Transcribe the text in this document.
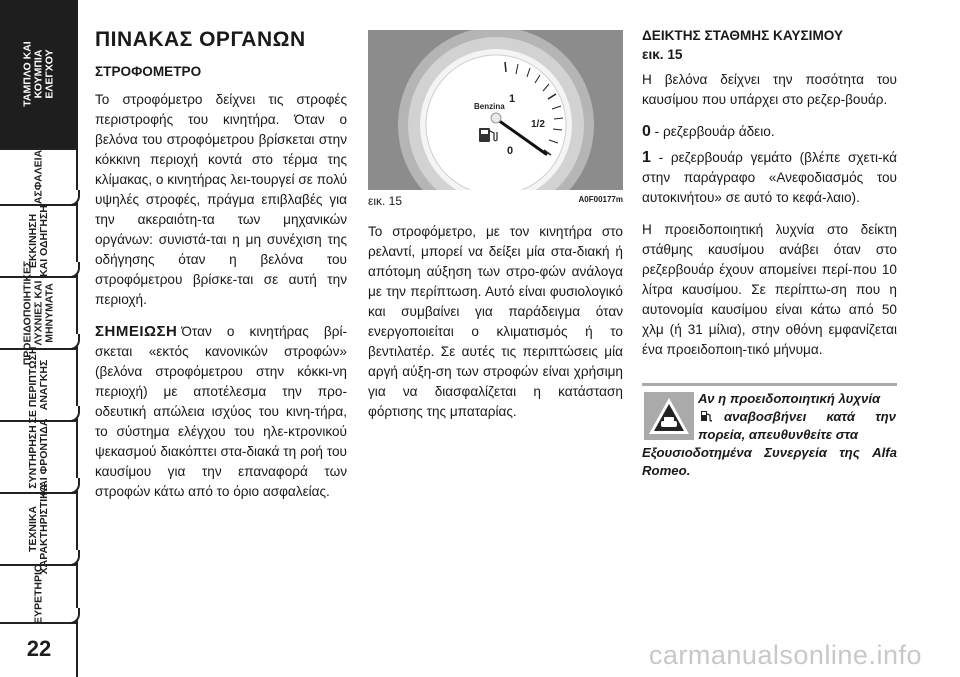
ΤΑΜΠΛΟ ΚΑΙ
ΚΟΥΜΠΙΑ
ΕΛΕΓΧΟΥ
ΑΣΦΑΛΕΙΑ
ΕΚΚΙΝΗΣΗ
ΚΑΙ ΟΔΗΓΗΣΗ
ΠΡΟΕΙΔΟΠΟΙΗΤΙΚΕΣ
ΛΥΧΝΙΕΣ ΚΑΙ
ΜΗΝΥΜΑΤΑ
ΣΕ ΠΕΡΙΠΤΩΣΗ
ΑΝΑΓΚΗΣ
ΣΥΝΤΗΡΗΣΗ
ΚΑΙ ΦΡΟΝΤΙΔΑ
ΤΕΧΝΙΚΑ
ΧΑΡΑΚΤΗΡΙΣΤΙΚΑ
ΕΥΡΕΤΗΡΙΟ
22
ΠΙΝΑΚΑΣ ΟΡΓΑΝΩΝ
ΣΤΡΟΦΟΜΕΤΡΟ

Το στροφόμετρο δείχνει τις στροφές περιστροφής του κινητήρα. Όταν ο βελόνα του στροφόμετρου βρίσκεται στην κόκκινη περιοχή κοντά στο τέρμα της κλίμακας, ο κινητήρας λει-τουργεί σε πολύ υψηλές στροφές, πράγμα επιβλαβές για την ακεραιότη-τα των μηχανικών οργάνων: συνιστά-ται η μη συνέχιση της οδήγησης όταν η βελόνα του στροφόμετρου βρίσκε-ται σε αυτή την περιοχή.

ΣΗΜΕΙΩΣΗ Όταν ο κινητήρας βρί-σκεται «εκτός κανονικών στροφών» (βελόνα στροφόμετρου στην κόκκι-νη περιοχή) με αποτέλεσμα την προ-οδευτική απώλεια ισχύος του κινη-τήρα, το σύστημα ελέγχου του ηλε-κτρονικού ψεκασμού διακόπτει στα-διακά τη ροή του καυσίμου για την επαναφορά των στροφών κάτω από το όριο ασφαλείας.

1
1/2
0
Benzina
εικ. 15	A0F00177m

Το στροφόμετρο, με τον κινητήρα στο ρελαντί, μπορεί να δείξει μία στα-διακή ή απότομη αύξηση των στρο-φών ανάλογα με την περίπτωση. Αυτό είναι φυσιολογικό και συμβαίνει για παράδειγμα όταν ενεργοποιείται ο κλιματισμός ή το βεντιλατέρ. Σε αυτές τις περιπτώσεις μία αργή αύξη-ση των στροφών είναι χρήσιμη για να διασφαλίζεται η κατάσταση φόρτισης της μπαταρίας.

ΔΕΙΚΤΗΣ ΣΤΑΘΜΗΣ ΚΑΥΣΙΜΟΥ
εικ. 15

Η βελόνα δείχνει την ποσότητα του καυσίμου που υπάρχει στο ρεζερ-βουάρ.

0 - ρεζερβουάρ άδειο.

1 - ρεζερβουάρ γεμάτο (βλέπε σχετι-κά στην παράγραφο «Ανεφοδιασμός του αυτοκινήτου» σε αυτό το κεφά-λαιο).

Η προειδοποιητική λυχνία στο δείκτη στάθμης καυσίμου ανάβει όταν στο ρεζερβουάρ έχουν απομείνει περί-που 10 λίτρα καυσίμου. Σε περίπτω-ση που η αυτονομία καυσίμου είναι κάτω από 50 χλμ (ή 31 μίλια), στην οθόνη εμφανίζεται ένα προειδοποιη-τικό μήνυμα.

Αν η προειδοποιητική λυχνία
αναβοσβήνει κατά την πορεία, απευθυνθείτε στα
Εξουσιοδοτημένα Συνεργεία της Alfa Romeo.
carmanualsonline.info
